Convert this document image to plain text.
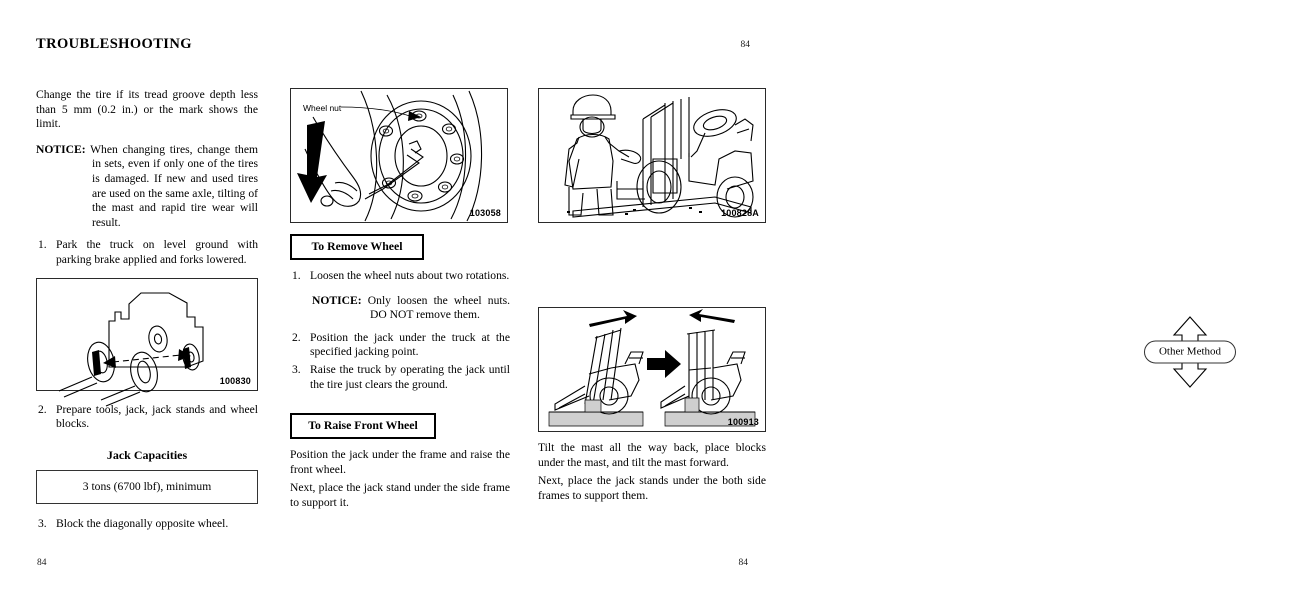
TROUBLESHOOTING	84
84	84

Change the tire if its tread groove depth less than 5 mm (0.2 in.) or the mark shows the limit.

NOTICE: When changing tires, change them in sets, even if only one of the tires is damaged. If new and used tires are used on the same axle, tilting of the mast and rapid tire wear will result.

1. Park the truck on level ground with parking brake applied and forks lowered.
100830
2. Prepare tools, jack, jack stands and wheel blocks.
Jack Capacities
3 tons (6700 lbf), minimum
3. Block the diagonally opposite wheel.
Wheel nut
103058
To Remove Wheel
1. Loosen the wheel nuts about two rotations.
NOTICE: Only loosen the wheel nuts. DO NOT remove them.
2. Position the jack under the truck at the specified jacking point.
3. Raise the truck by operating the jack until the tire just clears the ground.
To Raise Front Wheel

Position the jack under the frame and raise the front wheel.

Next, place the jack stand under the side frame to support it.

100828A
Other Method
100913

Tilt the mast all the way back, place blocks under the mast, and tilt the mast forward.

Next, place the jack stands under the both side frames to support them.
